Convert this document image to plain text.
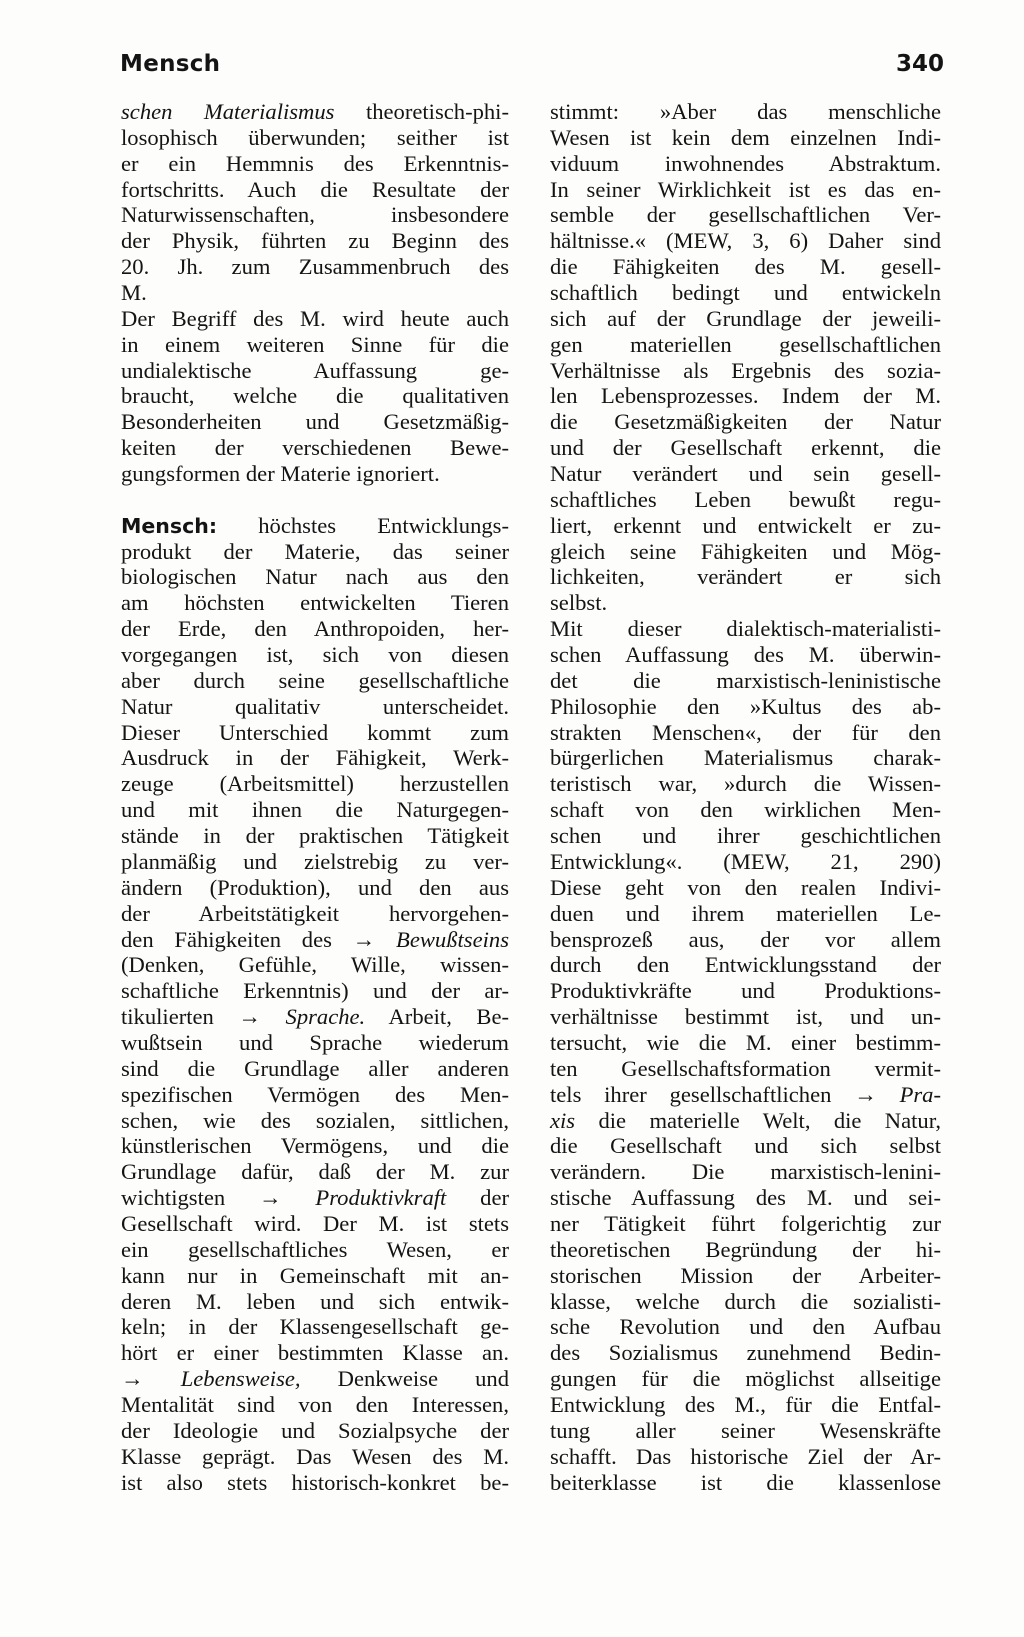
Mensch	340
schen Materialismus theoretisch-phi-
losophisch überwunden; seither ist
er ein Hemmnis des Erkenntnis-
fortschritts. Auch die Resultate der
Naturwissenschaften, insbesondere
der Physik, führten zu Beginn des
20. Jh. zum Zusammenbruch des
M.
Der Begriff des M. wird heute auch
in einem weiteren Sinne für die
undialektische Auffassung ge-
braucht, welche die qualitativen
Besonderheiten und Gesetzmäßig-
keiten der verschiedenen Bewe-
gungsformen der Materie ignoriert.
Mensch: höchstes Entwicklungs-
produkt der Materie, das seiner
biologischen Natur nach aus den
am höchsten entwickelten Tieren
der Erde, den Anthropoiden, her-
vorgegangen ist, sich von diesen
aber durch seine gesellschaftliche
Natur qualitativ unterscheidet.
Dieser Unterschied kommt zum
Ausdruck in der Fähigkeit, Werk-
zeuge (Arbeitsmittel) herzustellen
und mit ihnen die Naturgegen-
stände in der praktischen Tätigkeit
planmäßig und zielstrebig zu ver-
ändern (Produktion), und den aus
der Arbeitstätigkeit hervorgehen-
den Fähigkeiten des → Bewußtseins
(Denken, Gefühle, Wille, wissen-
schaftliche Erkenntnis) und der ar-
tikulierten → Sprache. Arbeit, Be-
wußtsein und Sprache wiederum
sind die Grundlage aller anderen
spezifischen Vermögen des Men-
schen, wie des sozialen, sittlichen,
künstlerischen Vermögens, und die
Grundlage dafür, daß der M. zur
wichtigsten → Produktivkraft der
Gesellschaft wird. Der M. ist stets
ein gesellschaftliches Wesen, er
kann nur in Gemeinschaft mit an-
deren M. leben und sich entwik-
keln; in der Klassengesellschaft ge-
hört er einer bestimmten Klasse an.
→ Lebensweise, Denkweise und
Mentalität sind von den Interessen,
der Ideologie und Sozialpsyche der
Klasse geprägt. Das Wesen des M.
ist also stets historisch-konkret be-
stimmt: »Aber das menschliche
Wesen ist kein dem einzelnen Indi-
viduum inwohnendes Abstraktum.
In seiner Wirklichkeit ist es das en-
semble der gesellschaftlichen Ver-
hältnisse.« (MEW, 3, 6) Daher sind
die Fähigkeiten des M. gesell-
schaftlich bedingt und entwickeln
sich auf der Grundlage der jeweili-
gen materiellen gesellschaftlichen
Verhältnisse als Ergebnis des sozia-
len Lebensprozesses. Indem der M.
die Gesetzmäßigkeiten der Natur
und der Gesellschaft erkennt, die
Natur verändert und sein gesell-
schaftliches Leben bewußt regu-
liert, erkennt und entwickelt er zu-
gleich seine Fähigkeiten und Mög-
lichkeiten, verändert er sich
selbst.
Mit dieser dialektisch-materialisti-
schen Auffassung des M. überwin-
det die marxistisch-leninistische
Philosophie den »Kultus des ab-
strakten Menschen«, der für den
bürgerlichen Materialismus charak-
teristisch war, »durch die Wissen-
schaft von den wirklichen Men-
schen und ihrer geschichtlichen
Entwicklung«. (MEW, 21, 290)
Diese geht von den realen Indivi-
duen und ihrem materiellen Le-
bensprozeß aus, der vor allem
durch den Entwicklungsstand der
Produktivkräfte und Produktions-
verhältnisse bestimmt ist, und un-
tersucht, wie die M. einer bestimm-
ten Gesellschaftsformation vermit-
tels ihrer gesellschaftlichen → Pra-
xis die materielle Welt, die Natur,
die Gesellschaft und sich selbst
verändern. Die marxistisch-lenini-
stische Auffassung des M. und sei-
ner Tätigkeit führt folgerichtig zur
theoretischen Begründung der hi-
storischen Mission der Arbeiter-
klasse, welche durch die sozialisti-
sche Revolution und den Aufbau
des Sozialismus zunehmend Bedin-
gungen für die möglichst allseitige
Entwicklung des M., für die Entfal-
tung aller seiner Wesenskräfte
schafft. Das historische Ziel der Ar-
beiterklasse ist die klassenlose
